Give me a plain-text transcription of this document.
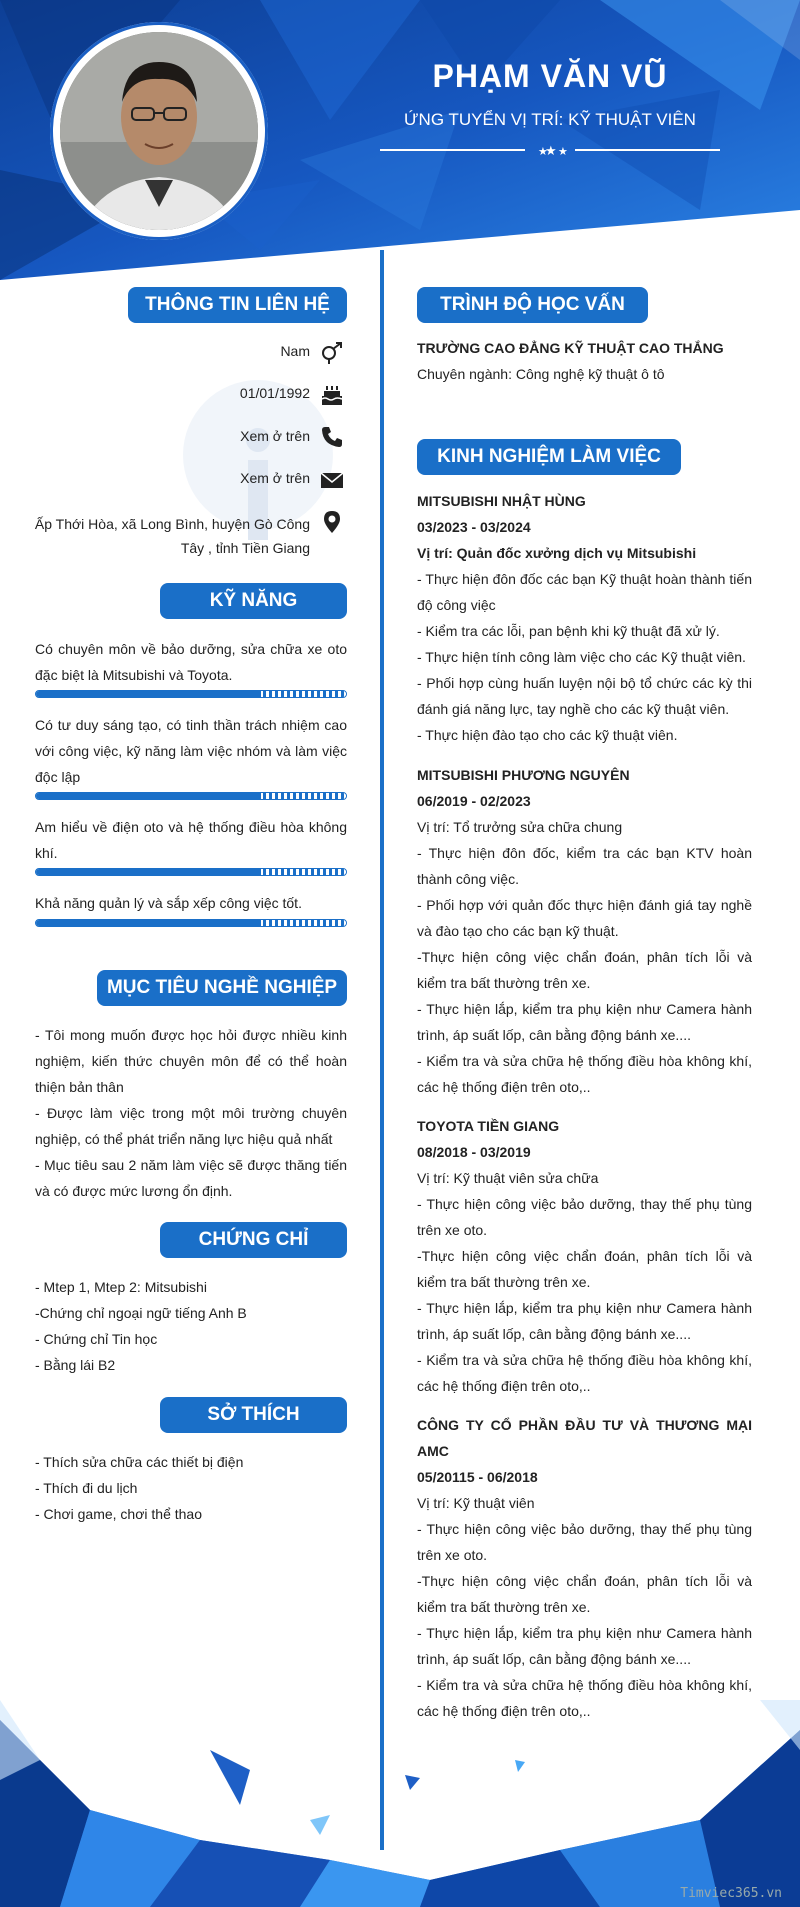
PHẠM VĂN VŨ
ỨNG TUYỂN VỊ TRÍ: KỸ THUẬT VIÊN
★
★ ★
THÔNG TIN LIÊN HỆ
Nam
01/01/1992
Xem ở trên
Xem ở trên
Ấp Thới Hòa, xã Long Bình, huyện Gò Công
Tây , tỉnh Tiền Giang
KỸ NĂNG
Có chuyên môn về bảo dưỡng, sửa chữa xe oto đặc biệt là Mitsubishi và Toyota.
Có tư duy sáng tạo, có tinh thần trách nhiệm cao với công việc, kỹ năng làm việc nhóm và làm việc độc lập
Am hiểu về điện oto và hệ thống điều hòa không khí.
Khả năng quản lý và sắp xếp công việc tốt.
MỤC TIÊU NGHỀ NGHIỆP
- Tôi mong muốn được học hỏi được nhiều kinh nghiệm, kiến thức chuyên môn để có thể hoàn thiện bản thân
- Được làm việc trong một môi trường chuyên nghiệp, có thể phát triển năng lực hiệu quả nhất
- Mục tiêu sau 2 năm làm việc sẽ được thăng tiến và có được mức lương ổn định.
CHỨNG CHỈ
- Mtep 1, Mtep 2: Mitsubishi
-Chứng chỉ ngoại ngữ tiếng Anh B
- Chứng chỉ Tin học
- Bằng lái B2
SỞ THÍCH
- Thích sửa chữa các thiết bị điện
- Thích đi du lịch
- Chơi game, chơi thể thao
TRÌNH ĐỘ HỌC VẤN
TRƯỜNG CAO ĐẲNG KỸ THUẬT CAO THẮNG
Chuyên ngành: Công nghệ kỹ thuật ô tô
KINH NGHIỆM LÀM VIỆC
MITSUBISHI NHẬT HÙNG
03/2023 - 03/2024
Vị trí: Quản đốc xưởng dịch vụ Mitsubishi
- Thực hiện đôn đốc các bạn Kỹ thuật hoàn thành tiến độ công việc
- Kiểm tra các lỗi, pan bệnh khi kỹ thuật đã xử lý.
- Thực hiện tính công làm việc cho các Kỹ thuật viên.
- Phối hợp cùng huấn luyện nội bộ tổ chức các kỳ thi đánh giá năng lực, tay nghề cho các kỹ thuật viên.
- Thực hiện đào tạo cho các kỹ thuật viên.
MITSUBISHI PHƯƠNG NGUYÊN
06/2019 - 02/2023
Vị trí: Tổ trưởng sửa chữa chung
- Thực hiện đôn đốc, kiểm tra các bạn KTV hoàn thành công việc.
- Phối hợp với quản đốc thực hiện đánh giá tay nghề và đào tạo cho các bạn kỹ thuật.
-Thực hiện công việc chẩn đoán, phân tích lỗi và kiểm tra bất thường trên xe.
- Thực hiện lắp, kiểm tra phụ kiện như Camera hành trình, áp suất lốp, cân bằng động bánh xe....
- Kiểm tra và sửa chữa hệ thống điều hòa không khí, các hệ thống điện trên oto,..
TOYOTA TIỀN GIANG
08/2018 - 03/2019
Vị trí: Kỹ thuật viên sửa chữa
- Thực hiện công việc bảo dưỡng, thay thế phụ tùng trên xe oto.
-Thực hiện công việc chẩn đoán, phân tích lỗi và kiểm tra bất thường trên xe.
- Thực hiện lắp, kiểm tra phụ kiện như Camera hành trình, áp suất lốp, cân bằng động bánh xe....
- Kiểm tra và sửa chữa hệ thống điều hòa không khí, các hệ thống điện trên oto,..
CÔNG TY CỔ PHẦN ĐẦU TƯ VÀ THƯƠNG MẠI AMC
05/20115 - 06/2018
Vị trí: Kỹ thuật viên
- Thực hiện công việc bảo dưỡng, thay thế phụ tùng trên xe oto.
-Thực hiện công việc chẩn đoán, phân tích lỗi và kiểm tra bất thường trên xe.
- Thực hiện lắp, kiểm tra phụ kiện như Camera hành trình, áp suất lốp, cân bằng động bánh xe....
- Kiểm tra và sửa chữa hệ thống điều hòa không khí, các hệ thống điện trên oto,..
Timviec365.vn
